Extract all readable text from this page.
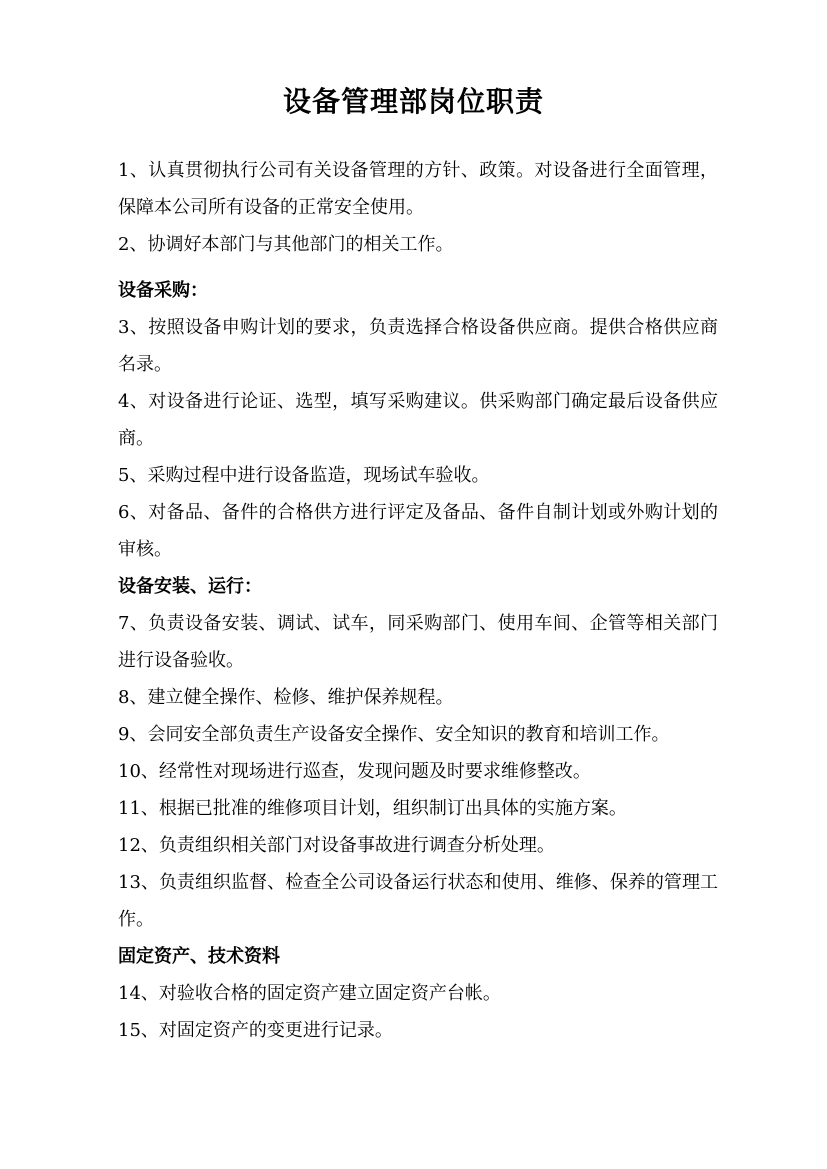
设备管理部岗位职责

1、认真贯彻执行公司有关设备管理的方针、政策。对设备进行全面管理，保障本公司所有设备的正常安全使用。

2、协调好本部门与其他部门的相关工作。

设备采购：

3、按照设备申购计划的要求，负责选择合格设备供应商。提供合格供应商名录。

4、对设备进行论证、选型，填写采购建议。供采购部门确定最后设备供应商。

5、采购过程中进行设备监造，现场试车验收。

6、对备品、备件的合格供方进行评定及备品、备件自制计划或外购计划的审核。

设备安装、运行：

7、负责设备安装、调试、试车，同采购部门、使用车间、企管等相关部门进行设备验收。

8、建立健全操作、检修、维护保养规程。

9、会同安全部负责生产设备安全操作、安全知识的教育和培训工作。

10、经常性对现场进行巡查，发现问题及时要求维修整改。

11、根据已批准的维修项目计划，组织制订出具体的实施方案。

12、负责组织相关部门对设备事故进行调查分析处理。

13、负责组织监督、检查全公司设备运行状态和使用、维修、保养的管理工作。

固定资产、技术资料

14、对验收合格的固定资产建立固定资产台帐。

15、对固定资产的变更进行记录。
